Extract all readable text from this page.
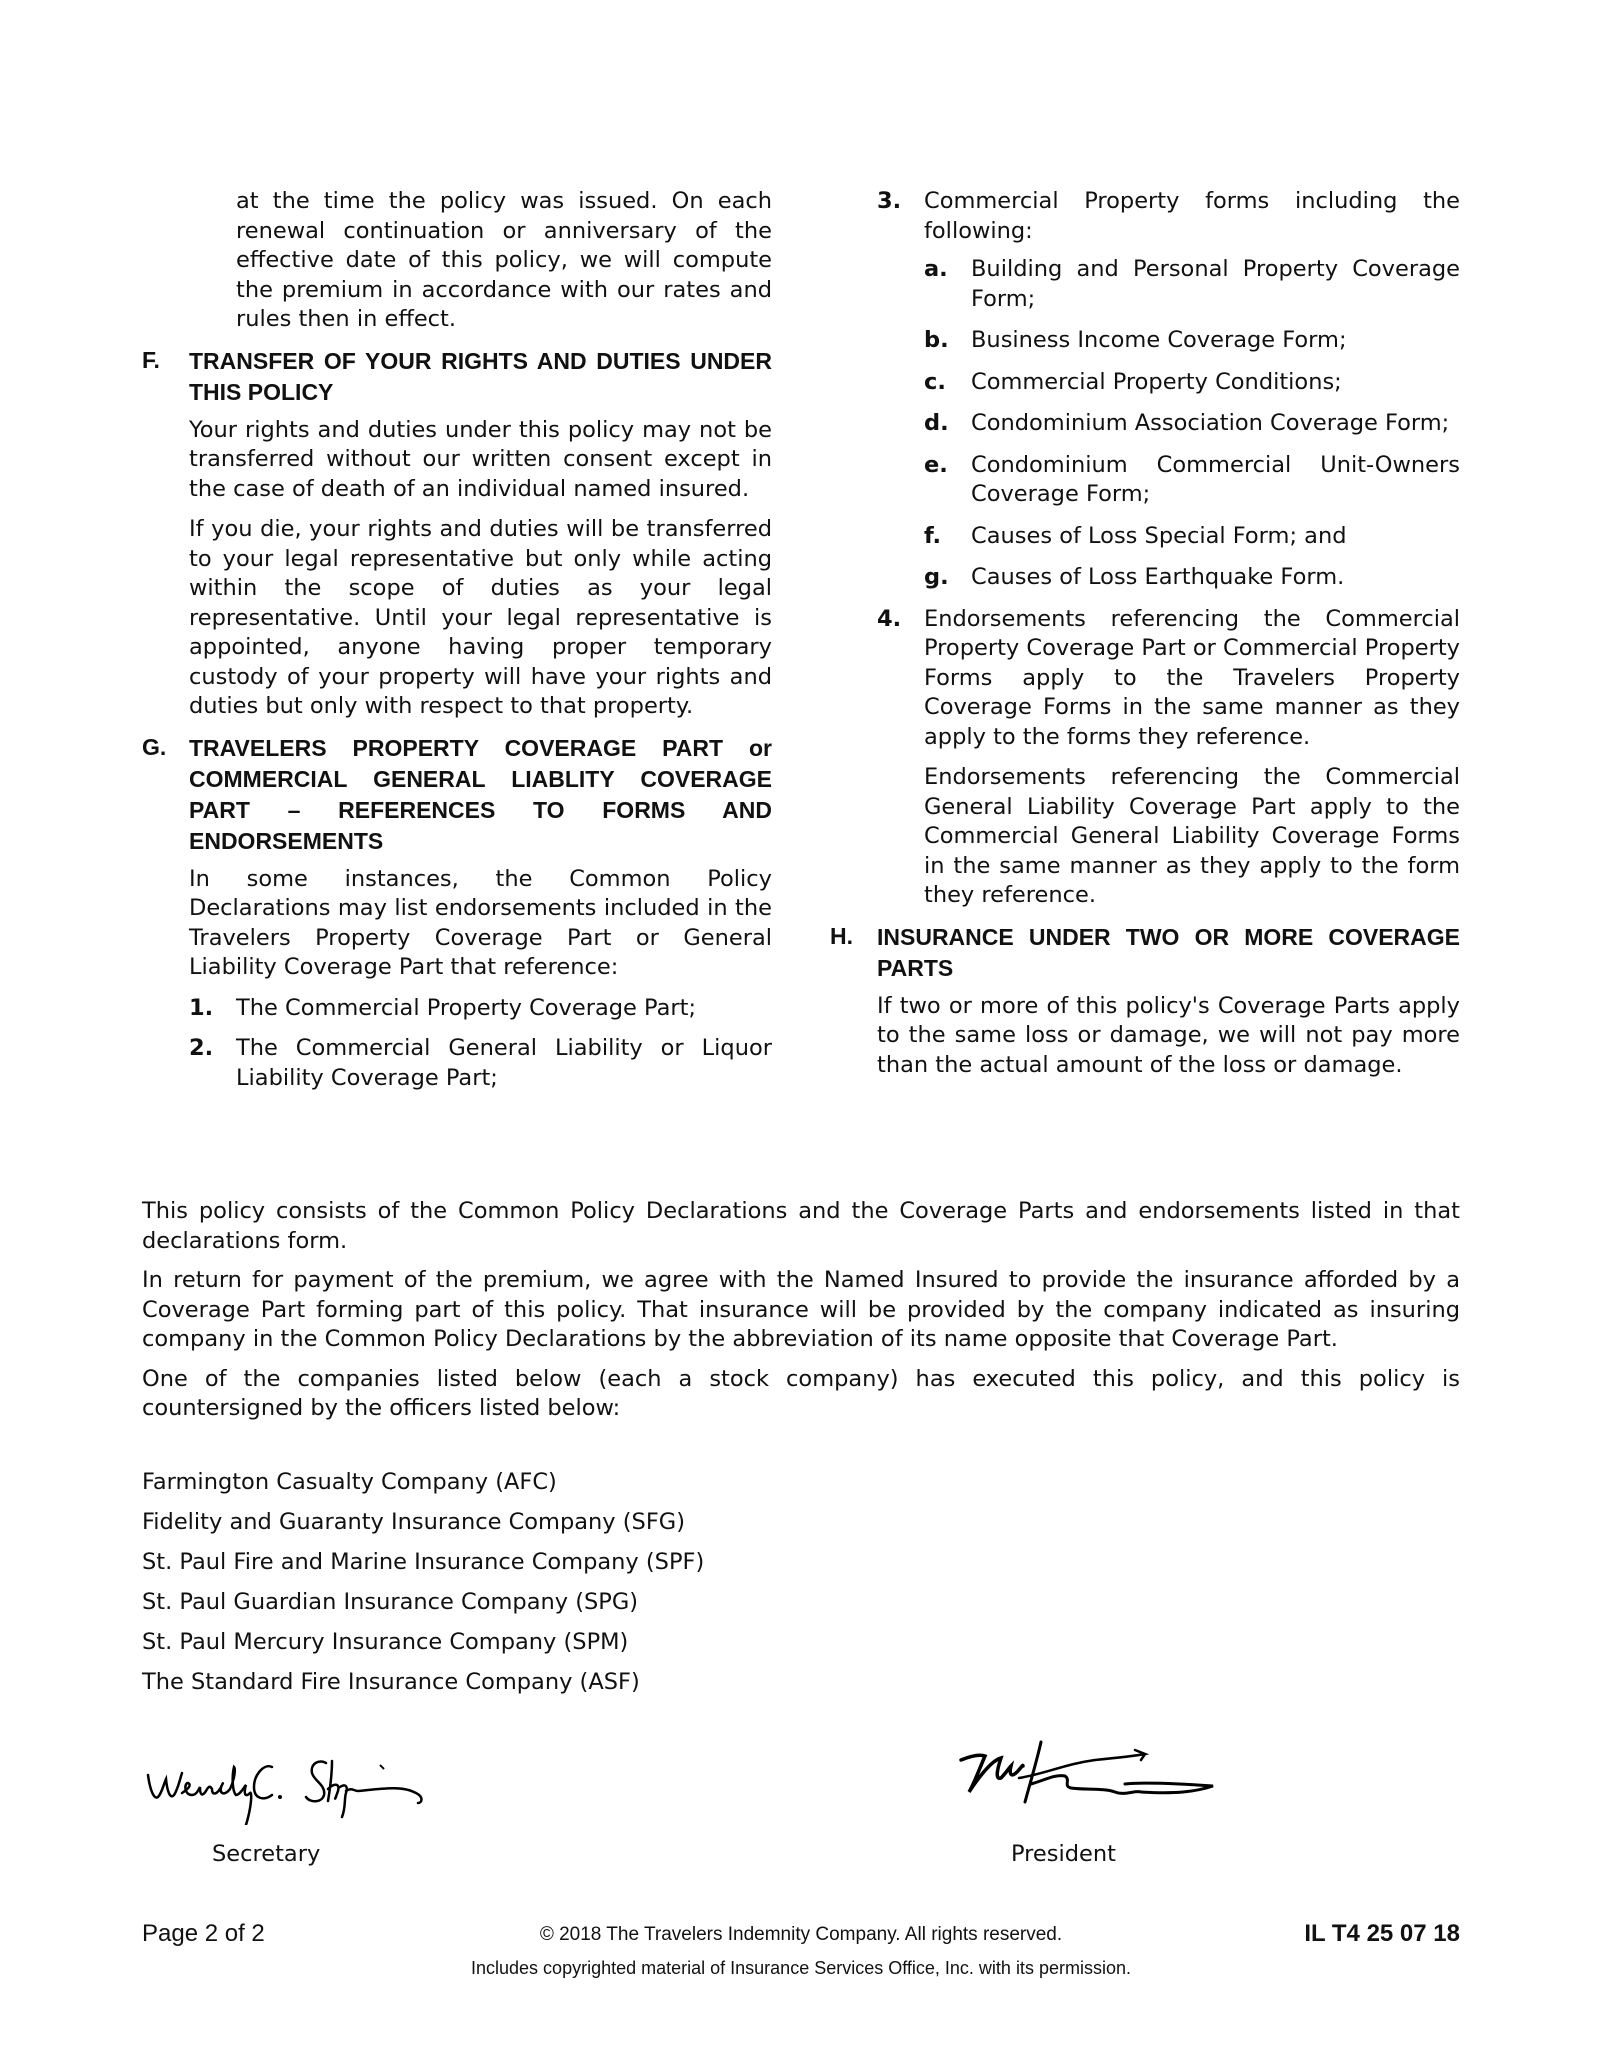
at the time the policy was issued. On each renewal continuation or anniversary of the effective date of this policy, we will compute the premium in accordance with our rates and rules then in effect.

F.	TRANSFER OF YOUR RIGHTS AND DUTIES UNDER THIS POLICY

Your rights and duties under this policy may not be transferred without our written consent except in the case of death of an individual named insured.

If you die, your rights and duties will be transferred to your legal representative but only while acting within the scope of duties as your legal representative. Until your legal representative is appointed, anyone having proper temporary custody of your property will have your rights and duties but only with respect to that property.

G. TRAVELERS PROPERTY COVERAGE PART or COMMERCIAL GENERAL LIABLITY COVERAGE PART – REFERENCES TO FORMS AND ENDORSEMENTS

In some instances, the Common Policy Declarations may list endorsements included in the Travelers Property Coverage Part or General Liability Coverage Part that reference:

1.	The Commercial Property Coverage Part;
2.	The Commercial General Liability or Liquor Liability Coverage Part;
3.	Commercial Property forms including the following:
a.	Building and Personal Property Coverage Form;
b. Business Income Coverage Form;
c.	Commercial Property Conditions;
d. Condominium Association Coverage Form;
e.	Condominium Commercial Unit-Owners Coverage Form;
f.	Causes of Loss Special Form; and
g. Causes of Loss Earthquake Form.
4.	Endorsements referencing the Commercial Property Coverage Part or Commercial Property Forms apply to the Travelers Property Coverage Forms in the same manner as they apply to the forms they reference.

Endorsements referencing the Commercial General Liability Coverage Part apply to the Commercial General Liability Coverage Forms in the same manner as they apply to the form they reference.

H.	INSURANCE UNDER TWO OR MORE COVERAGE PARTS

If two or more of this policy's Coverage Parts apply to the same loss or damage, we will not pay more than the actual amount of the loss or damage.

This policy consists of the Common Policy Declarations and the Coverage Parts and endorsements listed in that declarations form.

In return for payment of the premium, we agree with the Named Insured to provide the insurance afforded by a Coverage Part forming part of this policy. That insurance will be provided by the company indicated as insuring company in the Common Policy Declarations by the abbreviation of its name opposite that Coverage Part.

One of the companies listed below (each a stock company) has executed this policy, and this policy is countersigned by the officers listed below:

Farmington Casualty Company (AFC)
Fidelity and Guaranty Insurance Company (SFG)
St. Paul Fire and Marine Insurance Company (SPF)
St. Paul Guardian Insurance Company (SPG)
St. Paul Mercury Insurance Company (SPM)
The Standard Fire Insurance Company (ASF)
Secretary	President
Page 2 of 2	© 2018 The Travelers Indemnity Company. All rights reserved.	IL T4 25 07 18
Includes copyrighted material of Insurance Services Office, Inc. with its permission.
